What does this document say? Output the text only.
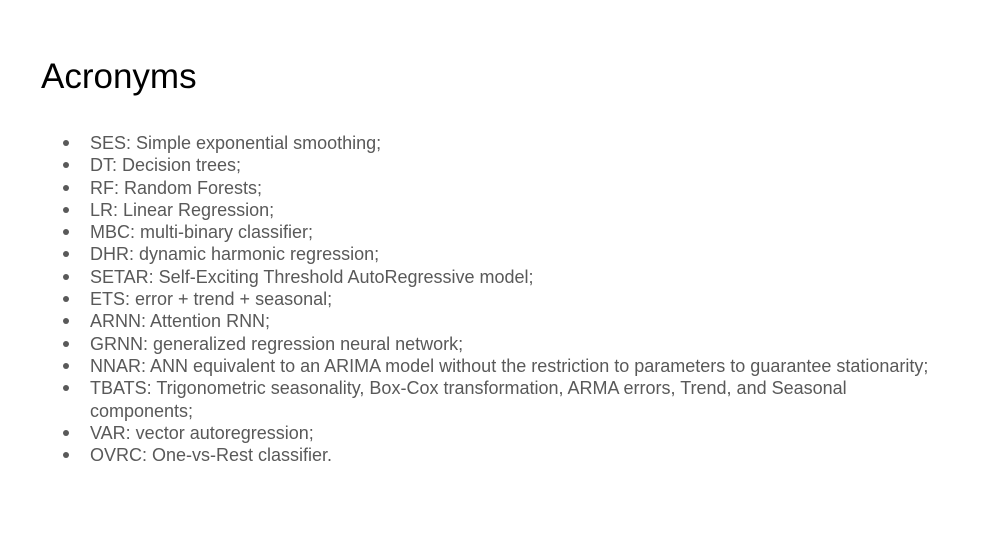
Acronyms
SES: Simple exponential smoothing;
DT: Decision trees;
RF: Random Forests;
LR: Linear Regression;
MBC: multi-binary classifier;
DHR: dynamic harmonic regression;
SETAR: Self-Exciting Threshold AutoRegressive model;
ETS: error + trend + seasonal;
ARNN: Attention RNN;
GRNN: generalized regression neural network;
NNAR: ANN equivalent to an ARIMA model without the restriction to parameters to guarantee stationarity;
TBATS: Trigonometric seasonality, Box-Cox transformation, ARMA errors, Trend, and Seasonal components;
VAR: vector autoregression;
OVRC: One-vs-Rest classifier.
